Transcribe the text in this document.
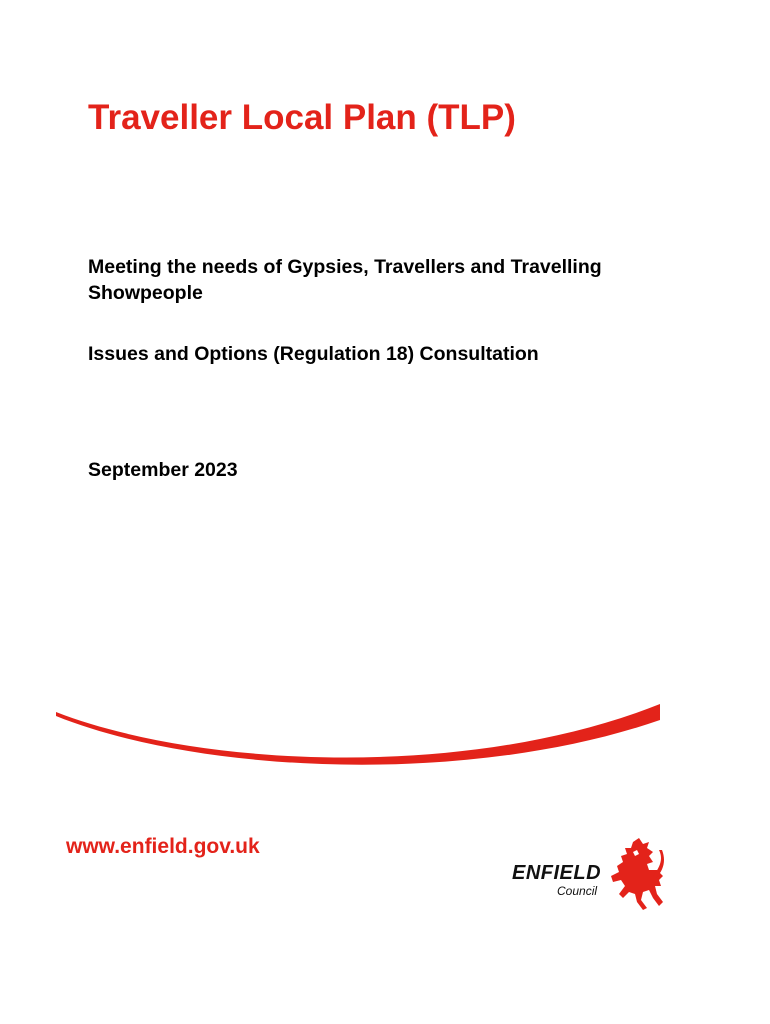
Traveller Local Plan (TLP)

Meeting the needs of Gypsies, Travellers and Travelling Showpeople

Issues and Options (Regulation 18) Consultation

September 2023

www.enfield.gov.uk

ENFIELD
Council
